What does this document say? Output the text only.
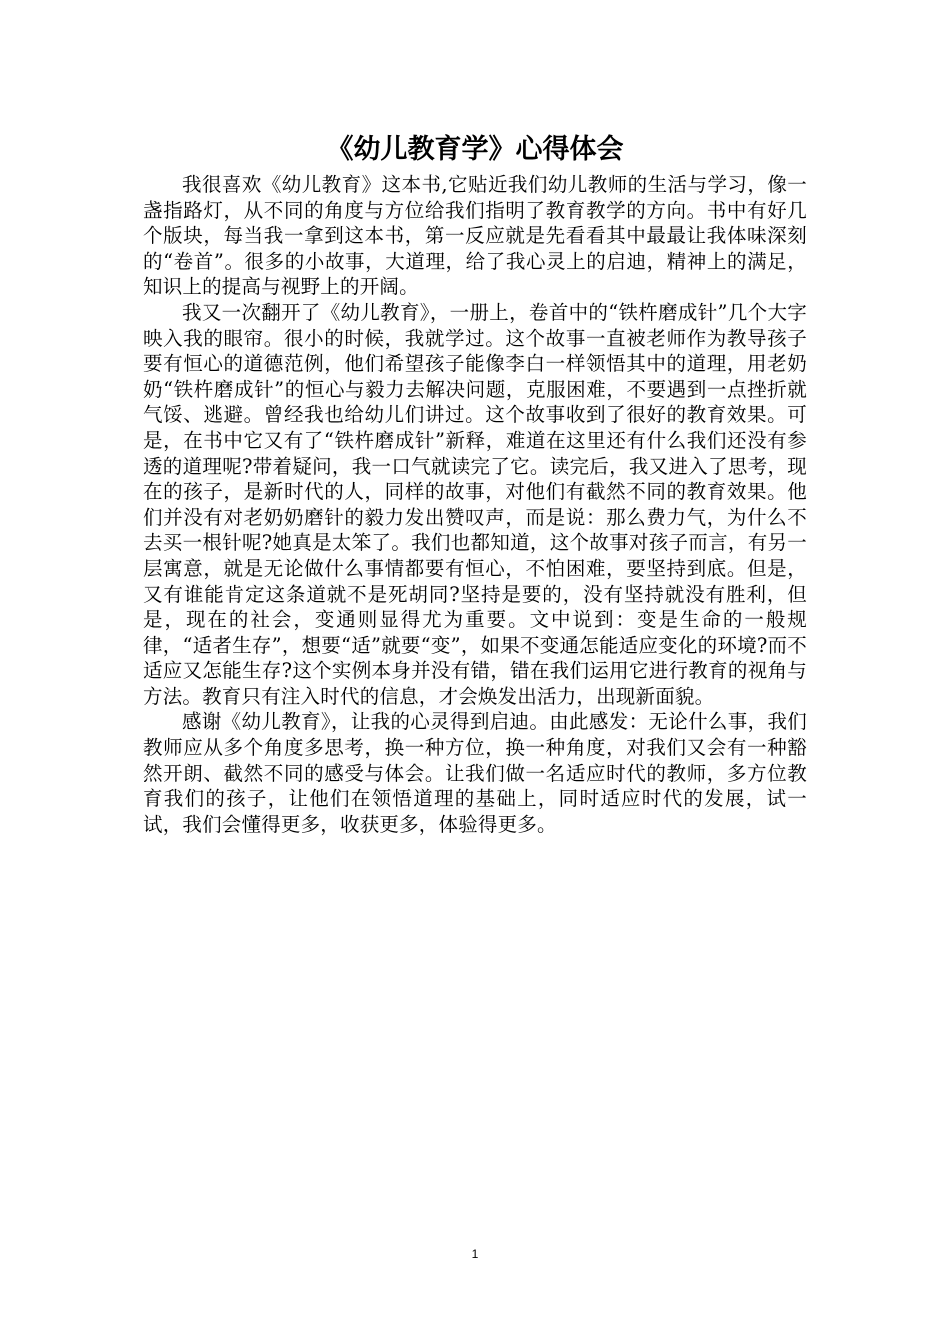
《幼儿教育学》心得体会

我很喜欢《幼儿教育》这本书,它贴近我们幼儿教师的生活与学习，像一盏指路灯，从不同的角度与方位给我们指明了教育教学的方向。书中有好几个版块，每当我一拿到这本书，第一反应就是先看看其中最最让我体味深刻的“卷首”。很多的小故事，大道理，给了我心灵上的启迪，精神上的满足，知识上的提高与视野上的开阔。

我又一次翻开了《幼儿教育》，一册上，卷首中的“铁杵磨成针”几个大字映入我的眼帘。很小的时候，我就学过。这个故事一直被老师作为教导孩子要有恒心的道德范例，他们希望孩子能像李白一样领悟其中的道理，用老奶奶“铁杵磨成针”的恒心与毅力去解决问题，克服困难，不要遇到一点挫折就气馁、逃避。曾经我也给幼儿们讲过。这个故事收到了很好的教育效果。可是，在书中它又有了“铁杵磨成针”新释，难道在这里还有什么我们还没有参透的道理呢?带着疑问，我一口气就读完了它。读完后，我又进入了思考，现在的孩子，是新时代的人，同样的故事，对他们有截然不同的教育效果。他们并没有对老奶奶磨针的毅力发出赞叹声，而是说：那么费力气，为什么不去买一根针呢?她真是太笨了。我们也都知道，这个故事对孩子而言，有另一层寓意，就是无论做什么事情都要有恒心，不怕困难，要坚持到底。但是，又有谁能肯定这条道就不是死胡同?坚持是要的，没有坚持就没有胜利，但是，现在的社会，变通则显得尤为重要。文中说到：变是生命的一般规律，“适者生存”，想要“适”就要“变”，如果不变通怎能适应变化的环境?而不适应又怎能生存?这个实例本身并没有错，错在我们运用它进行教育的视角与方法。教育只有注入时代的信息，才会焕发出活力，出现新面貌。

感谢《幼儿教育》，让我的心灵得到启迪。由此感发：无论什么事，我们教师应从多个角度多思考，换一种方位，换一种角度，对我们又会有一种豁然开朗、截然不同的感受与体会。让我们做一名适应时代的教师，多方位教育我们的孩子，让他们在领悟道理的基础上，同时适应时代的发展，试一试，我们会懂得更多，收获更多，体验得更多。

1
